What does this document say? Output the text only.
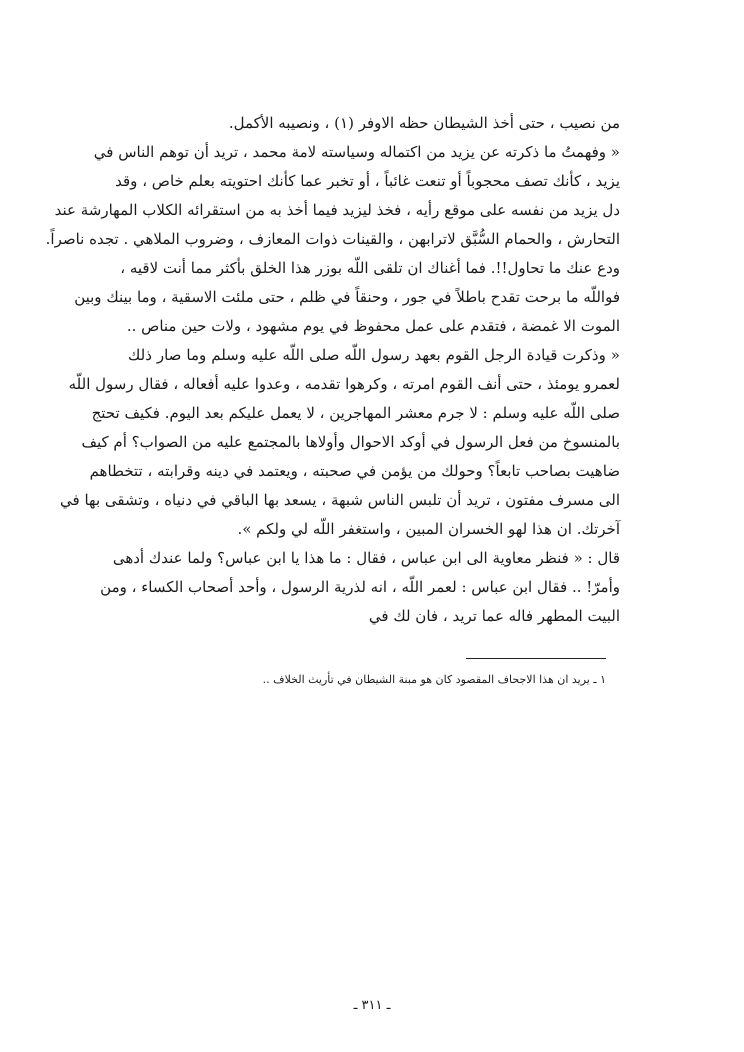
من نصيب ، حتى أخذ الشيطان حظه الاوفر (١) ، ونصيبه الأكمل.
« وفهمتُ ما ذكرته عن يزيد من اكتماله وسياسته لامة محمد ، تريد أن توهم الناس في
يزيد ، كأنك تصف محجوباً أو تنعت غائباً ، أو تخبر عما كأنك احتويته بعلم خاص ، وقد
دل يزيد من نفسه على موقع رأيه ، فخذ ليزيد فيما أخذ به من استقرائه الكلاب المهارشة عند
التحارش ، والحمام السُّبَّق لاترابهن ، والقينات ذوات المعازف ، وضروب الملاهي . تجده ناصراً.
ودع عنك ما تحاول!!. فما أغناك ان تلقى اللّه بوزر هذا الخلق بأكثر مما أنت لاقيه ،
فواللّه ما برحت تقدح باطلاً في جور ، وحنقاً في ظلم ، حتى ملئت الاسقية ، وما بينك وبين
الموت الا غمضة ، فتقدم على عمل محفوظ في يوم مشهود ، ولات حين مناص ..
« وذكرت قيادة الرجل القوم بعهد رسول اللّه صلى اللّه عليه وسلم وما صار ذلك
لعمرو يومئذ ، حتى أنف القوم امرته ، وكرهوا تقدمه ، وعدوا عليه أفعاله ، فقال رسول اللّه
صلى اللّه عليه وسلم : لا جرم معشر المهاجرين ، لا يعمل عليكم بعد اليوم. فكيف تحتج
بالمنسوخ من فعل الرسول في أوكد الاحوال وأولاها بالمجتمع عليه من الصواب؟ أم كيف
ضاهيت بصاحب تابعاً؟ وحولك من يؤمن في صحبته ، ويعتمد في دينه وقرابته ، تتخطاهم
الى مسرف مفتون ، تريد أن تلبس الناس شبهة ، يسعد بها الباقي في دنياه ، وتشقى بها في
آخرتك. ان هذا لهو الخسران المبين ، واستغفر اللّه لي ولكم ».
قال : « فنظر معاوية الى ابن عباس ، فقال : ما هذا يا ابن عباس؟ ولما عندك أدهى
وأمرّ! .. فقال ابن عباس : لعمر اللّه ، انه لذرية الرسول ، وأحد أصحاب الكساء ، ومن
البيت المطهر فاله عما تريد ، فان لك في
١ ـ يريد ان هذا الاجحاف المقصود كان هو مبنة الشيطان في تأريث الخلاف ..
ـ ٣١١ ـ
